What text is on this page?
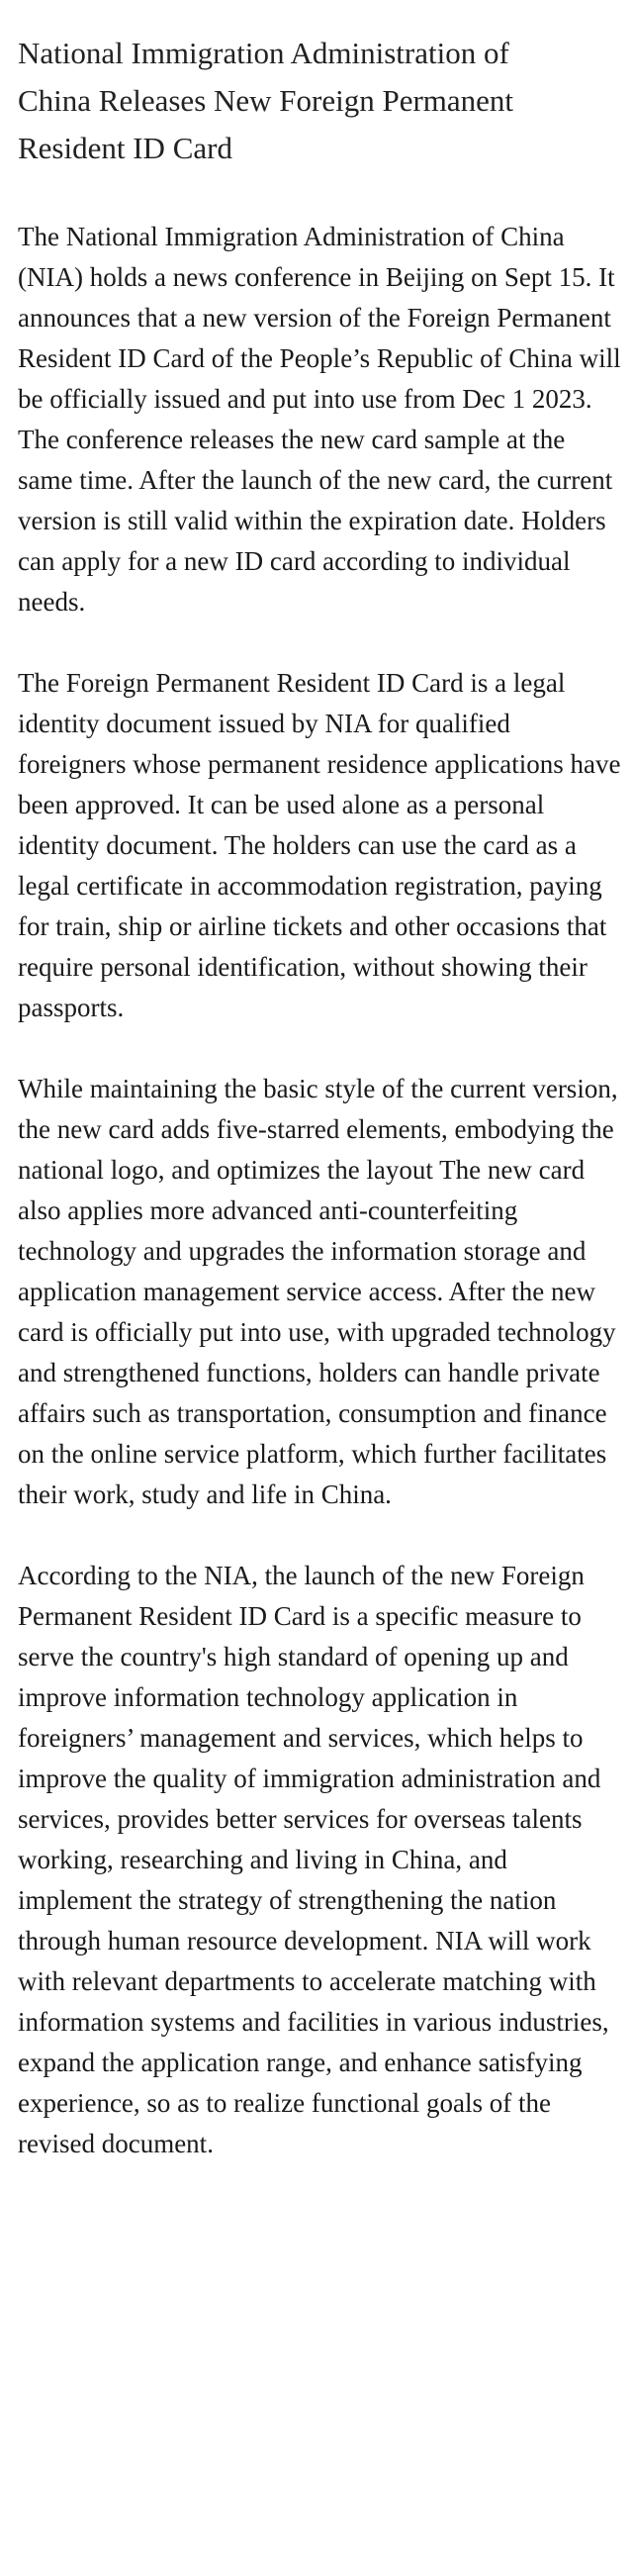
National Immigration Administration of China Releases New Foreign Permanent Resident ID Card

The National Immigration Administration of China (NIA) holds a news conference in Beijing on Sept 15. It announces that a new version of the Foreign Permanent Resident ID Card of the People’s Republic of China will be officially issued and put into use from Dec 1 2023. The conference releases the new card sample at the same time. After the launch of the new card, the current version is still valid within the expiration date. Holders can apply for a new ID card according to individual needs.

The Foreign Permanent Resident ID Card is a legal identity document issued by NIA for qualified foreigners whose permanent residence applications have been approved. It can be used alone as a personal identity document. The holders can use the card as a legal certificate in accommodation registration, paying for train, ship or airline tickets and other occasions that require personal identification, without showing their passports.

While maintaining the basic style of the current version, the new card adds five-starred elements, embodying the national logo, and optimizes the layout The new card also applies more advanced anti-counterfeiting technology and upgrades the information storage and application management service access. After the new card is officially put into use, with upgraded technology and strengthened functions, holders can handle private affairs such as transportation, consumption and finance on the online service platform, which further facilitates their work, study and life in China.

According to the NIA, the launch of the new Foreign Permanent Resident ID Card is a specific measure to serve the country's high standard of opening up and improve information technology application in foreigners’ management and services, which helps to improve the quality of immigration administration and services, provides better services for overseas talents working, researching and living in China, and implement the strategy of strengthening the nation through human resource development. NIA will work with relevant departments to accelerate matching with information systems and facilities in various industries, expand the application range, and enhance satisfying experience, so as to realize functional goals of the revised document.
